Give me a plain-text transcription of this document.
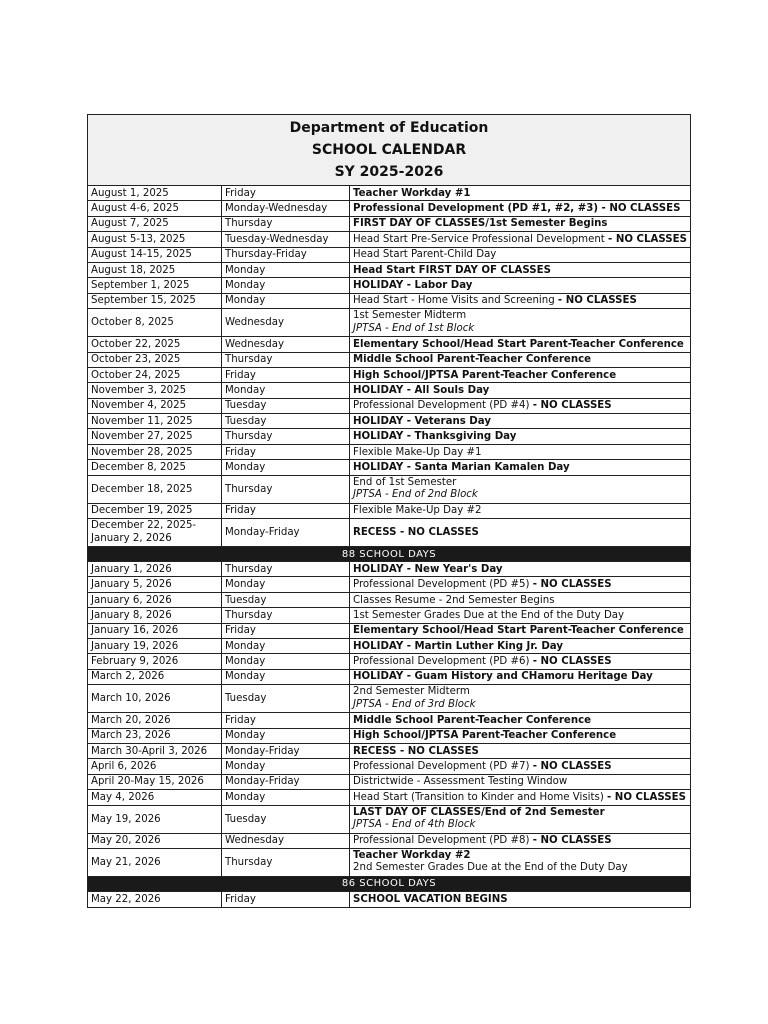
Department of Education
SCHOOL CALENDAR
SY 2025-2026
August 1, 2025	Friday	Teacher Workday #1
August 4-6, 2025	Monday-Wednesday	Professional Development (PD #1, #2, #3) - NO CLASSES
August 7, 2025	Thursday	FIRST DAY OF CLASSES/1st Semester Begins
August 5-13, 2025	Tuesday-Wednesday	Head Start Pre-Service Professional Development - NO CLASSES
August 14-15, 2025	Thursday-Friday	Head Start Parent-Child Day
August 18, 2025	Monday	Head Start FIRST DAY OF CLASSES
September 1, 2025	Monday	HOLIDAY - Labor Day
September 15, 2025	Monday	Head Start - Home Visits and Screening - NO CLASSES
October 8, 2025	Wednesday
1st Semester Midterm
JPTSA - End of 1st Block
October 22, 2025	Wednesday	Elementary School/Head Start Parent-Teacher Conference
October 23, 2025	Thursday	Middle School Parent-Teacher Conference
October 24, 2025	Friday	High School/JPTSA Parent-Teacher Conference
November 3, 2025	Monday	HOLIDAY - All Souls Day
November 4, 2025	Tuesday	Professional Development (PD #4) - NO CLASSES
November 11, 2025	Tuesday	HOLIDAY - Veterans Day
November 27, 2025	Thursday	HOLIDAY - Thanksgiving Day
November 28, 2025	Friday	Flexible Make-Up Day #1
December 8, 2025	Monday	HOLIDAY - Santa Marian Kamalen Day
December 18, 2025	Thursday
End of 1st Semester
JPTSA - End of 2nd Block
December 19, 2025	Friday	Flexible Make-Up Day #2
December 22, 2025-
January 2, 2026	Monday-Friday	RECESS - NO CLASSES
88 SCHOOL DAYS
January 1, 2026	Thursday	HOLIDAY - New Year's Day
January 5, 2026	Monday	Professional Development (PD #5) - NO CLASSES
January 6, 2026	Tuesday	Classes Resume - 2nd Semester Begins
January 8, 2026	Thursday	1st Semester Grades Due at the End of the Duty Day
January 16, 2026	Friday	Elementary School/Head Start Parent-Teacher Conference
January 19, 2026	Monday	HOLIDAY - Martin Luther King Jr. Day
February 9, 2026	Monday	Professional Development (PD #6) - NO CLASSES
March 2, 2026	Monday	HOLIDAY - Guam History and CHamoru Heritage Day
March 10, 2026	Tuesday
2nd Semester Midterm
JPTSA - End of 3rd Block
March 20, 2026	Friday	Middle School Parent-Teacher Conference
March 23, 2026	Monday	High School/JPTSA Parent-Teacher Conference
March 30-April 3, 2026 Monday-Friday	RECESS - NO CLASSES
April 6, 2026	Monday	Professional Development (PD #7) - NO CLASSES
April 20-May 15, 2026 Monday-Friday	Districtwide - Assessment Testing Window
May 4, 2026	Monday	Head Start (Transition to Kinder and Home Visits) - NO CLASSES
May 19, 2026	Tuesday
LAST DAY OF CLASSES/End of 2nd Semester
JPTSA - End of 4th Block
May 20, 2026	Wednesday	Professional Development (PD #8) - NO CLASSES
May 21, 2026	Thursday
Teacher Workday #2
2nd Semester Grades Due at the End of the Duty Day
86 SCHOOL DAYS
May 22, 2026	Friday	SCHOOL VACATION BEGINS
